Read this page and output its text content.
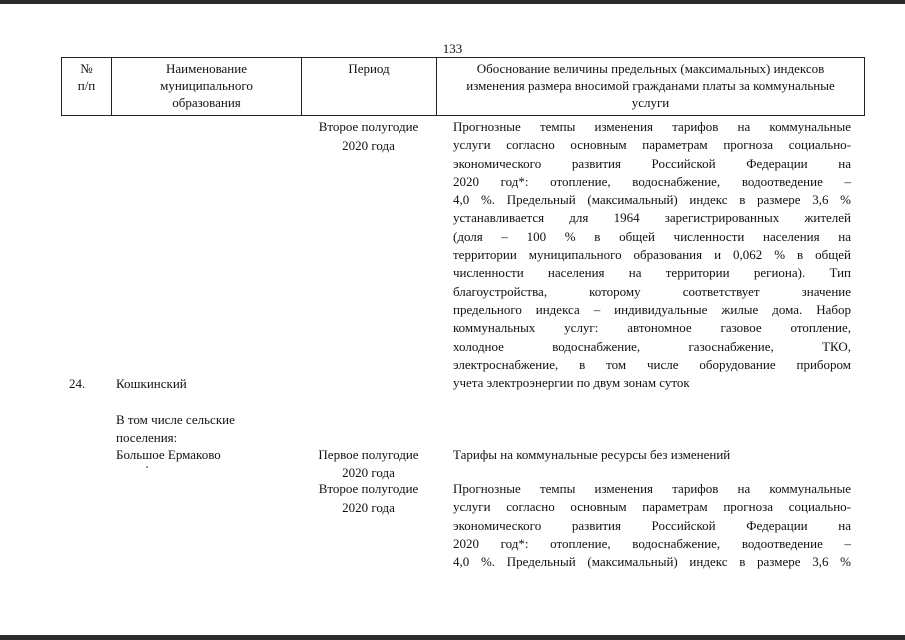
133
№ п/п
Наименование муниципального образования
Период	Обоснование величины предельных (максимальных) индексов изменения размера вносимой гражданами платы за коммунальные услуги
Второе полугодие
2020 года
Прогнозные темпы изменения тарифов на коммунальные
услуги согласно основным параметрам прогноза социально-
экономического развития Российской Федерации на
2020 год*: отопление, водоснабжение, водоотведение –
4,0 %. Предельный (максимальный) индекс в размере 3,6 %
устанавливается для 1964 зарегистрированных жителей
(доля – 100 % в общей численности населения на
территории муниципального образования и 0,062 % в общей
численности населения на территории региона). Тип
благоустройства, которому соответствует значение
предельного индекса – индивидуальные жилые дома. Набор
коммунальных услуг: автономное газовое отопление,
холодное водоснабжение, газоснабжение, ТКО,
электроснабжение, в том числе оборудование прибором
учета электроэнергии по двум зонам суток
24. Кошкинский
В том числе сельские
поселения:
Большое Ермаково	Первое полугодие
2020 года
Тарифы на коммунальные ресурсы без изменений
Второе полугодие
2020 года
Прогнозные темпы изменения тарифов на коммунальные
услуги согласно основным параметрам прогноза социально-
экономического развития Российской Федерации на
2020 год*: отопление, водоснабжение, водоотведение –
4,0 %. Предельный (максимальный) индекс в размере 3,6 %
